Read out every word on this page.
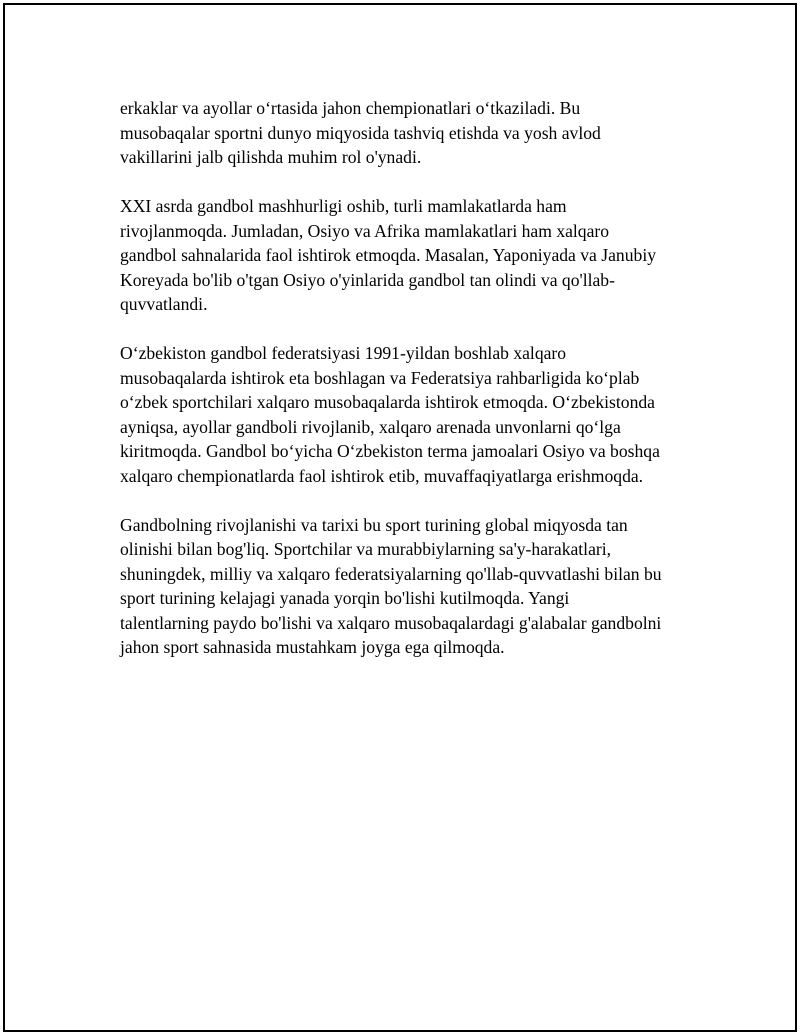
erkaklar va ayollar o‘rtasida jahon chempionatlari o‘tkaziladi. Bu
musobaqalar sportni dunyo miqyosida tashviq etishda va yosh avlod
vakillarini jalb qilishda muhim rol o'ynadi.

XXI asrda gandbol mashhurligi oshib, turli mamlakatlarda ham
rivojlanmoqda. Jumladan, Osiyo va Afrika mamlakatlari ham xalqaro
gandbol sahnalarida faol ishtirok etmoqda. Masalan, Yaponiyada va Janubiy
Koreyada bo'lib o'tgan Osiyo o'yinlarida gandbol tan olindi va qo'llab-
quvvatlandi.

O‘zbekiston gandbol federatsiyasi 1991-yildan boshlab xalqaro
musobaqalarda ishtirok eta boshlagan va Federatsiya rahbarligida ko‘plab
o‘zbek sportchilari xalqaro musobaqalarda ishtirok etmoqda. O‘zbekistonda
ayniqsa, ayollar gandboli rivojlanib, xalqaro arenada unvonlarni qo‘lga
kiritmoqda. Gandbol bo‘yicha O‘zbekiston terma jamoalari Osiyo va boshqa
xalqaro chempionatlarda faol ishtirok etib, muvaffaqiyatlarga erishmoqda.

Gandbolning rivojlanishi va tarixi bu sport turining global miqyosda tan
olinishi bilan bog'liq. Sportchilar va murabbiylarning sa'y-harakatlari,
shuningdek, milliy va xalqaro federatsiyalarning qo'llab-quvvatlashi bilan bu
sport turining kelajagi yanada yorqin bo'lishi kutilmoqda. Yangi
talentlarning paydo bo'lishi va xalqaro musobaqalardagi g'alabalar gandbolni
jahon sport sahnasida mustahkam joyga ega qilmoqda.
